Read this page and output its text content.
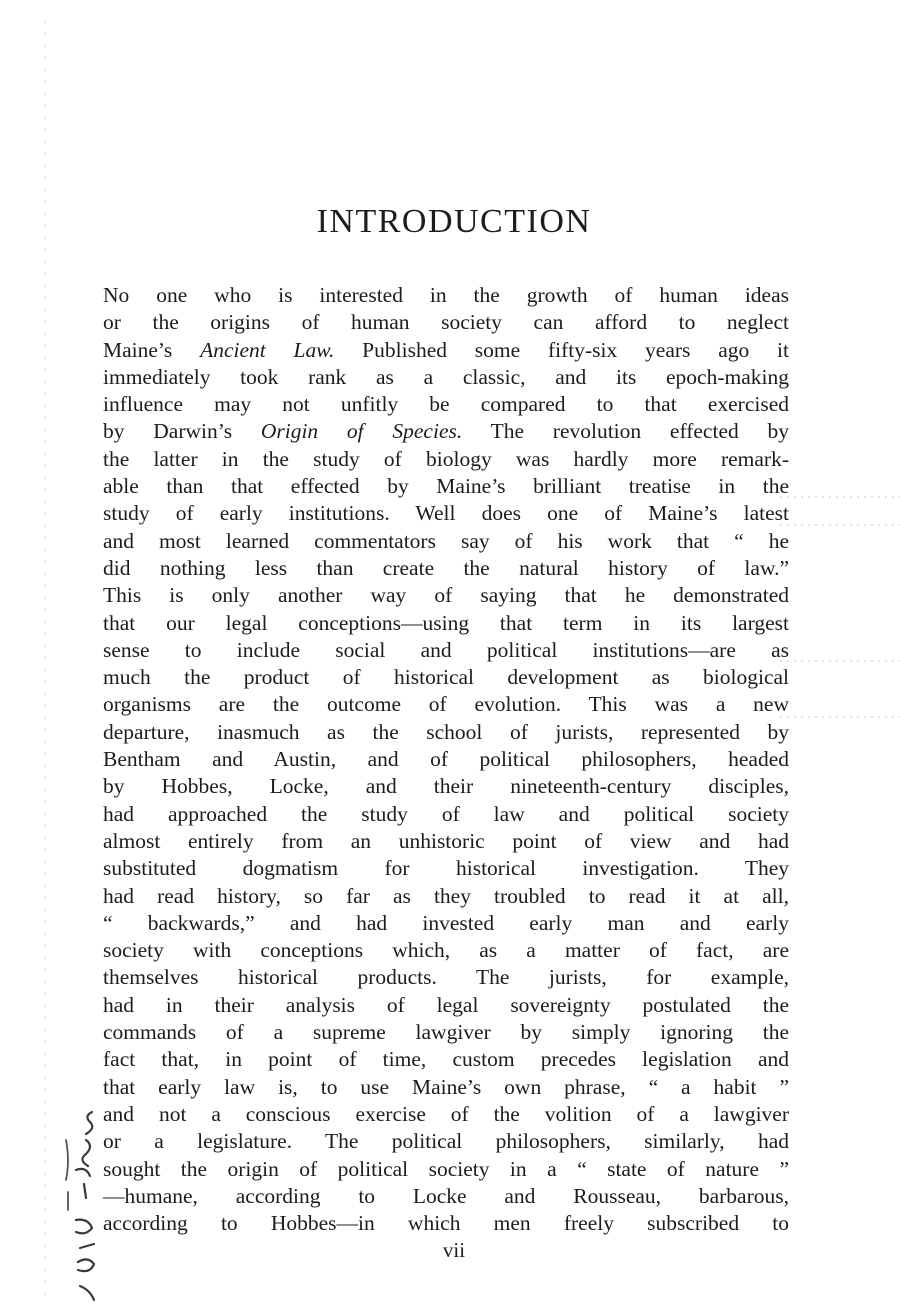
INTRODUCTION
No one who is interested in the growth of human ideas
or the origins of human society can afford to neglect
Maine’s Ancient Law. Published some fifty-six years ago it
immediately took rank as a classic, and its epoch-making
influence may not unfitly be compared to that exercised
by Darwin’s Origin of Species. The revolution effected by
the latter in the study of biology was hardly more remark-
able than that effected by Maine’s brilliant treatise in the
study of early institutions. Well does one of Maine’s latest
and most learned commentators say of his work that “ he
did nothing less than create the natural history of law.”
This is only another way of saying that he demonstrated
that our legal conceptions—using that term in its largest
sense to include social and political institutions—are as
much the product of historical development as biological
organisms are the outcome of evolution. This was a new
departure, inasmuch as the school of jurists, represented by
Bentham and Austin, and of political philosophers, headed
by Hobbes, Locke, and their nineteenth-century disciples,
had approached the study of law and political society
almost entirely from an unhistoric point of view and had
substituted dogmatism for historical investigation. They
had read history, so far as they troubled to read it at all,
“ backwards,” and had invested early man and early
society with conceptions which, as a matter of fact, are
themselves historical products. The jurists, for example,
had in their analysis of legal sovereignty postulated the
commands of a supreme lawgiver by simply ignoring the
fact that, in point of time, custom precedes legislation and
that early law is, to use Maine’s own phrase, “ a habit ”
and not a conscious exercise of the volition of a lawgiver
or a legislature. The political philosophers, similarly, had
sought the origin of political society in a “ state of nature ”
—humane, according to Locke and Rousseau, barbarous,
according to Hobbes—in which men freely subscribed to
vii
